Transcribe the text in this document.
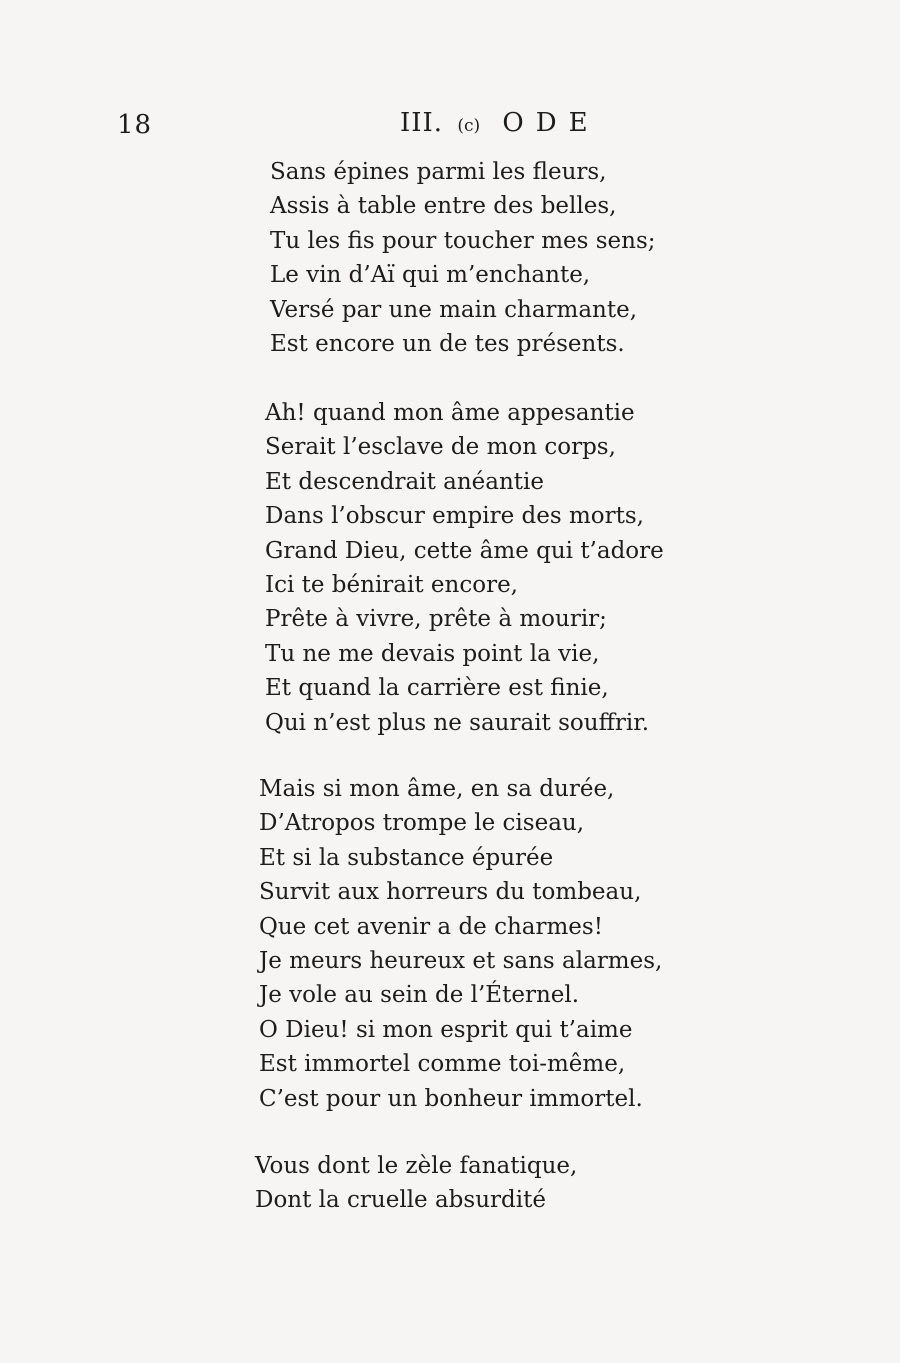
18	III. (c) ODE
Sans épines parmi les fleurs,
Assis à table entre des belles,
Tu les fis pour toucher mes sens;
Le vin d’Aï qui m’enchante,
Versé par une main charmante,
Est encore un de tes présents.
Ah! quand mon âme appesantie
Serait l’esclave de mon corps,
Et descendrait anéantie
Dans l’obscur empire des morts,
Grand Dieu, cette âme qui t’adore
Ici te bénirait encore,
Prête à vivre, prête à mourir;
Tu ne me devais point la vie,
Et quand la carrière est finie,
Qui n’est plus ne saurait souffrir.
Mais si mon âme, en sa durée,
D’Atropos trompe le ciseau,
Et si la substance épurée
Survit aux horreurs du tombeau,
Que cet avenir a de charmes!
Je meurs heureux et sans alarmes,
Je vole au sein de l’Éternel.
O Dieu! si mon esprit qui t’aime
Est immortel comme toi-même,
C’est pour un bonheur immortel.
Vous dont le zèle fanatique,
Dont la cruelle absurdité
